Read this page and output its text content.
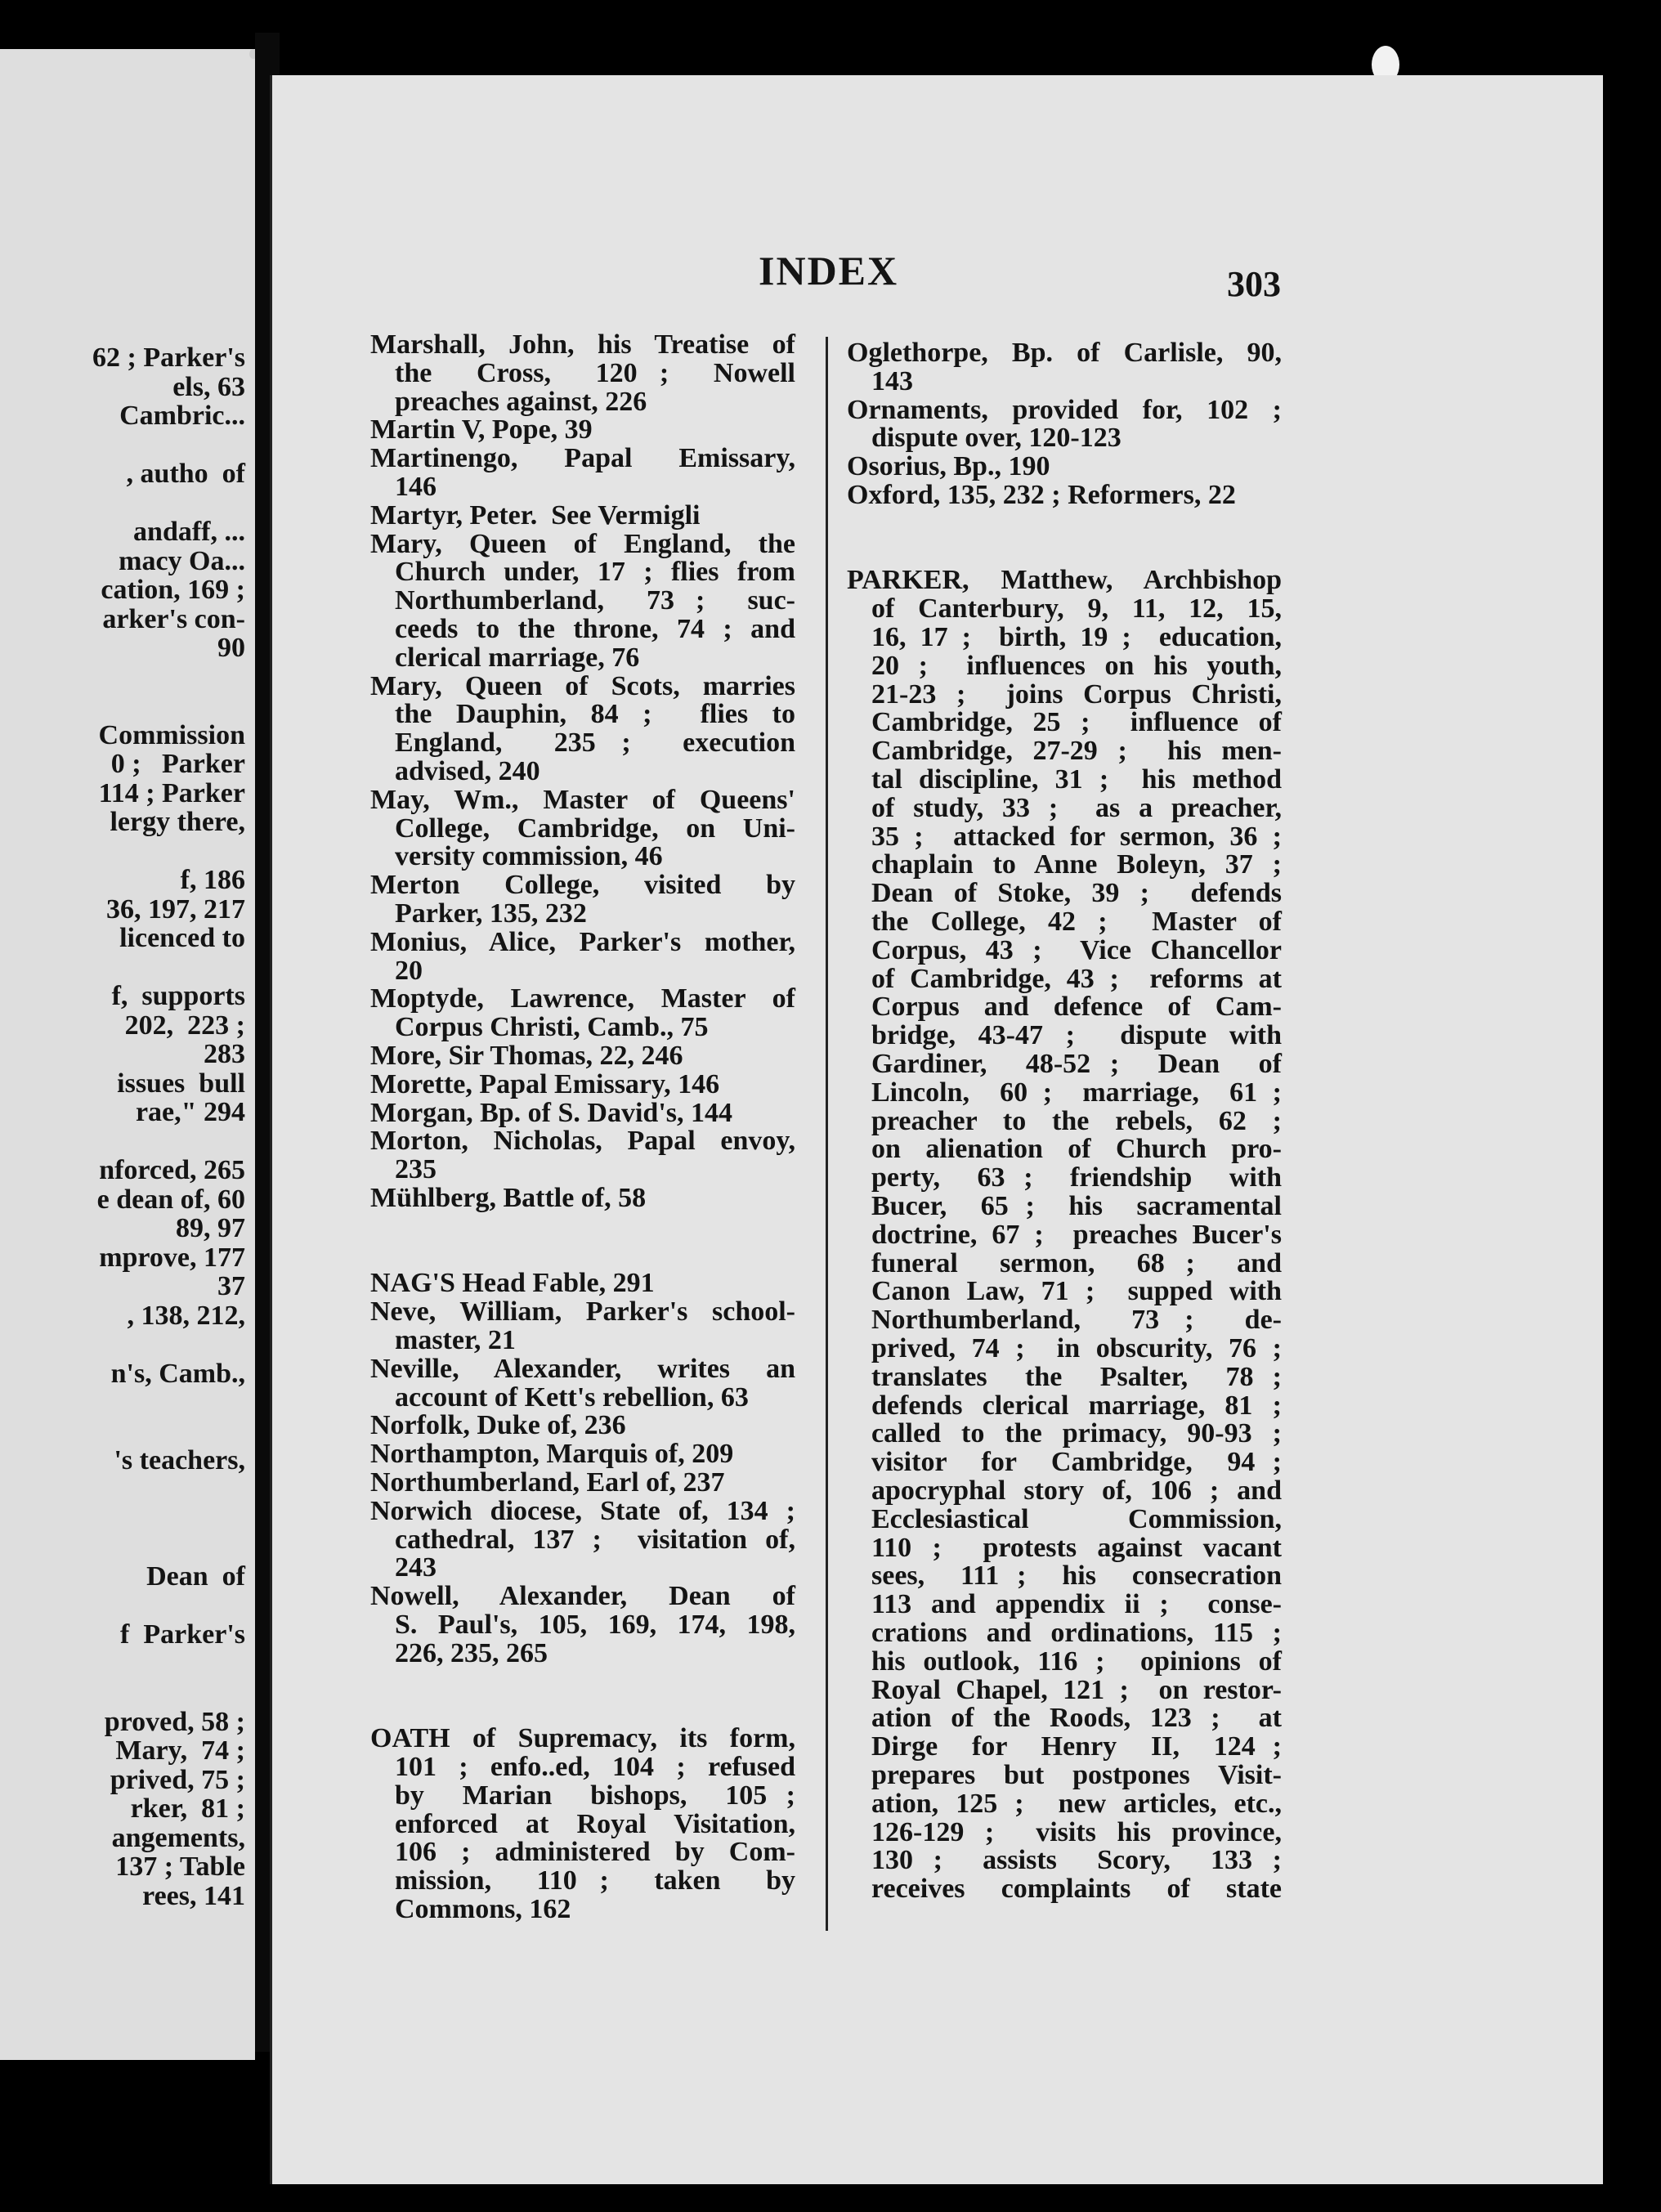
62 ; Parker's
els, 63
Cambric...
, autho  of
andaff, ...
macy Oa...
cation, 169 ;
arker's con-
90
Commission
0 ;   Parker
114 ; Parker
lergy there,
f, 186
36, 197, 217
licenced to
f,  supports
202,  223 ;
283
issues  bull
rae," 294
nforced, 265
e dean of, 60
89, 97
mprove, 177
37
, 138, 212,
n's, Camb.,
's teachers,
Dean  of
f  Parker's
proved, 58 ;
Mary,  74 ;
prived, 75 ;
rker,  81 ;
angements,
137 ; Table
rees, 141
INDEX	303
Marshall, John, his Treatise of
the  Cross,  120 ;  Nowell
preaches against, 226
Martin V, Pope, 39
Martinengo,  Papal  Emissary,
146
Martyr, Peter.  See Vermigli
Mary, Queen of England, the
Church under, 17 ; flies from
Northumberland,  73 ;  suc-
ceeds to the throne, 74 ; and
clerical marriage, 76
Mary, Queen of Scots, marries
the Dauphin, 84 ;  flies to
England,  235 ;  execution
advised, 240
May, Wm., Master of Queens'
College, Cambridge, on Uni-
versity commission, 46
Merton  College,  visited  by
Parker, 135, 232
Monius, Alice, Parker's mother,
20
Moptyde, Lawrence, Master of
Corpus Christi, Camb., 75
More, Sir Thomas, 22, 246
Morette, Papal Emissary, 146
Morgan, Bp. of S. David's, 144
Morton, Nicholas, Papal envoy,
235
Mühlberg, Battle of, 58
NAG'S Head Fable, 291
Neve, William, Parker's school-
master, 21
Neville,  Alexander,  writes  an
account of Kett's rebellion, 63
Norfolk, Duke of, 236
Northampton, Marquis of, 209
Northumberland, Earl of, 237
Norwich diocese, State of, 134 ;
cathedral, 137 ;  visitation of,
243
Nowell,  Alexander,  Dean  of
S. Paul's, 105, 169, 174, 198,
226, 235, 265
OATH of Supremacy, its form,
101 ; enfo..ed, 104 ; refused
by  Marian  bishops,  105 ;
enforced at Royal Visitation,
106 ; administered by Com-
mission,  110 ;  taken  by
Commons, 162
Oglethorpe, Bp. of Carlisle, 90,
143
Ornaments, provided for, 102 ;
dispute over, 120-123
Osorius, Bp., 190
Oxford, 135, 232 ; Reformers, 22
PARKER, Matthew, Archbishop
of Canterbury, 9, 11, 12, 15,
16, 17 ;  birth, 19 ;  education,
20 ;  influences on his youth,
21-23 ;  joins Corpus Christi,
Cambridge, 25 ;  influence of
Cambridge, 27-29 ;  his men-
tal discipline, 31 ;  his method
of study, 33 ;  as a preacher,
35 ;  attacked for sermon, 36 ;
chaplain to Anne Boleyn, 37 ;
Dean of Stoke, 39 ;  defends
the College, 42 ;  Master of
Corpus, 43 ;  Vice Chancellor
of Cambridge, 43 ;  reforms at
Corpus and defence of Cam-
bridge, 43-47 ;  dispute with
Gardiner,  48-52 ;  Dean  of
Lincoln,  60 ;  marriage,  61 ;
preacher to the rebels, 62 ;
on alienation of Church pro-
perty,  63 ;  friendship  with
Bucer,  65 ;  his  sacramental
doctrine, 67 ;  preaches Bucer's
funeral  sermon,  68 ;  and
Canon Law, 71 ;  supped with
Northumberland,  73 ;  de-
prived, 74 ;  in obscurity, 76 ;
translates  the  Psalter,  78 ;
defends clerical marriage, 81 ;
called to the primacy, 90-93 ;
visitor  for  Cambridge,  94 ;
apocryphal story of, 106 ; and
Ecclesiastical   Commission,
110 ;  protests against vacant
sees,  111 ;  his  consecration
113 and appendix ii ;  conse-
crations and ordinations, 115 ;
his outlook, 116 ;  opinions of
Royal Chapel, 121 ;  on restor-
ation of the Roods, 123 ;  at
Dirge  for  Henry  II,  124 ;
prepares but postpones Visit-
ation, 125 ;  new articles, etc.,
126-129 ;  visits his province,
130 ;  assists  Scory,  133 ;
receives complaints of state
